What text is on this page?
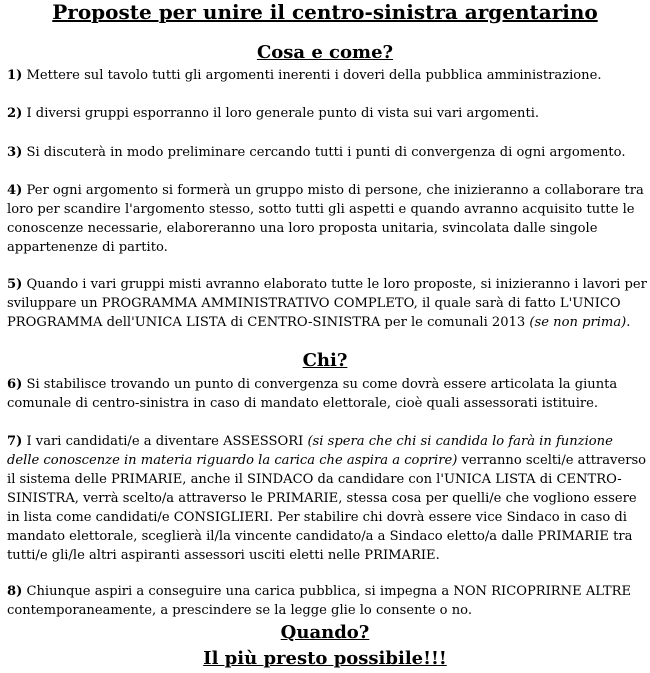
Proposte per unire il centro-sinistra argentarino
Cosa e come?

1) Mettere sul tavolo tutti gli argomenti inerenti i doveri della pubblica amministrazione.

2) I diversi gruppi esporranno il loro generale punto di vista sui vari argomenti.

3) Si discuterà in modo preliminare cercando tutti i punti di convergenza di ogni argomento.

4) Per ogni argomento si formerà un gruppo misto di persone, che inizieranno a collaborare tra loro per scandire l'argomento stesso, sotto tutti gli aspetti e quando avranno acquisito tutte le conoscenze necessarie, elaboreranno una loro proposta unitaria, svincolata dalle singole appartenenze di partito.

5) Quando i vari gruppi misti avranno elaborato tutte le loro proposte, si inizieranno i lavori per sviluppare un PROGRAMMA AMMINISTRATIVO COMPLETO, il quale sarà di fatto L'UNICO PROGRAMMA dell'UNICA LISTA di CENTRO-SINISTRA per le comunali 2013 (se non prima).

Chi?

6) Si stabilisce trovando un punto di convergenza su come dovrà essere articolata la giunta comunale di centro-sinistra in caso di mandato elettorale, cioè quali assessorati istituire.

7) I vari candidati/e a diventare ASSESSORI (si spera che chi si candida lo farà in funzione delle conoscenze in materia riguardo la carica che aspira a coprire) verranno scelti/e attraverso il sistema delle PRIMARIE, anche il SINDACO da candidare con l'UNICA LISTA di CENTRO-SINISTRA, verrà scelto/a attraverso le PRIMARIE, stessa cosa per quelli/e che vogliono essere in lista come candidati/e CONSIGLIERI. Per stabilire chi dovrà essere vice Sindaco in caso di mandato elettorale, sceglierà il/la vincente candidato/a a Sindaco eletto/a dalle PRIMARIE tra tutti/e gli/le altri aspiranti assessori usciti eletti nelle PRIMARIE.

8) Chiunque aspiri a conseguire una carica pubblica, si impegna a NON RICOPRIRNE ALTRE contemporaneamente, a prescindere se la legge glie lo consente o no.

Quando?
Il più presto possibile!!!
